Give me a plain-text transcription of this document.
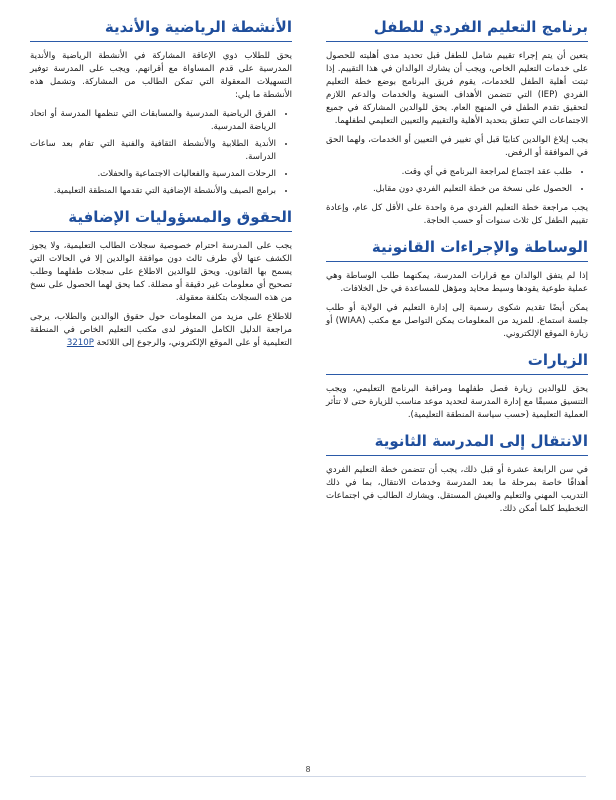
برنامج التعليم الفردي للطفل

يتعين أن يتم إجراء تقييم شامل للطفل قبل تحديد مدى أهليته للحصول على خدمات التعليم الخاص، ويجب أن يشارك الوالدان في هذا التقييم. إذا ثبتت أهلية الطفل للخدمات، يقوم فريق البرنامج بوضع خطة التعليم الفردي (IEP) التي تتضمن الأهداف السنوية والخدمات والدعم اللازم لتحقيق تقدم الطفل في المنهج العام. يحق للوالدين المشاركة في جميع الاجتماعات التي تتعلق بتحديد الأهلية والتقييم والتعيين التعليمي لطفلهما.

يجب إبلاغ الوالدين كتابيًا قبل أي تغيير في التعيين أو الخدمات، ولهما الحق في الموافقة أو الرفض.

• طلب عقد اجتماع لمراجعة البرنامج في أي وقت.
• الحصول على نسخة من خطة التعليم الفردي دون مقابل.

يجب مراجعة خطة التعليم الفردي مرة واحدة على الأقل كل عام، وإعادة تقييم الطفل كل ثلاث سنوات أو حسب الحاجة.

الوساطة والإجراءات القانونية

إذا لم يتفق الوالدان مع قرارات المدرسة، يمكنهما طلب الوساطة وهي عملية طوعية يقودها وسيط محايد ومؤهل للمساعدة في حل الخلافات.

يمكن أيضًا تقديم شكوى رسمية إلى إدارة التعليم في الولاية أو طلب جلسة استماع. للمزيد من المعلومات يمكن التواصل مع مكتب (WIAA) أو زيارة الموقع الإلكتروني.

الزيارات

يحق للوالدين زيارة فصل طفلهما ومراقبة البرنامج التعليمي، ويجب التنسيق مسبقًا مع إدارة المدرسة لتحديد موعد مناسب للزيارة حتى لا تتأثر العملية التعليمية (حسب سياسة المنطقة التعليمية).

الانتقال إلى المدرسة الثانوية

في سن الرابعة عشرة أو قبل ذلك، يجب أن تتضمن خطة التعليم الفردي أهدافًا خاصة بمرحلة ما بعد المدرسة وخدمات الانتقال، بما في ذلك التدريب المهني والتعليم والعيش المستقل. ويشارك الطالب في اجتماعات التخطيط كلما أمكن ذلك.

الأنشطة الرياضية والأندية

يحق للطلاب ذوي الإعاقة المشاركة في الأنشطة الرياضية والأندية المدرسية على قدم المساواة مع أقرانهم. ويجب على المدرسة توفير التسهيلات المعقولة التي تمكن الطالب من المشاركة. وتشمل هذه الأنشطة ما يلي:

• الفرق الرياضية المدرسية والمسابقات التي تنظمها المدرسة أو اتحاد الرياضة المدرسية.
• الأندية الطلابية والأنشطة الثقافية والفنية التي تقام بعد ساعات الدراسة.
• الرحلات المدرسية والفعاليات الاجتماعية والحفلات.
• برامج الصيف والأنشطة الإضافية التي تقدمها المنطقة التعليمية.
الحقوق والمسؤوليات الإضافية

يجب على المدرسة احترام خصوصية سجلات الطالب التعليمية، ولا يجوز الكشف عنها لأي طرف ثالث دون موافقة الوالدين إلا في الحالات التي يسمح بها القانون. ويحق للوالدين الاطلاع على سجلات طفلهما وطلب تصحيح أي معلومات غير دقيقة أو مضللة. كما يحق لهما الحصول على نسخ من هذه السجلات بتكلفة معقولة.

للاطلاع على مزيد من المعلومات حول حقوق الوالدين والطلاب، يرجى مراجعة الدليل الكامل المتوفر لدى مكتب التعليم الخاص في المنطقة التعليمية أو على الموقع الإلكتروني، والرجوع إلى اللائحة 3210P

8
